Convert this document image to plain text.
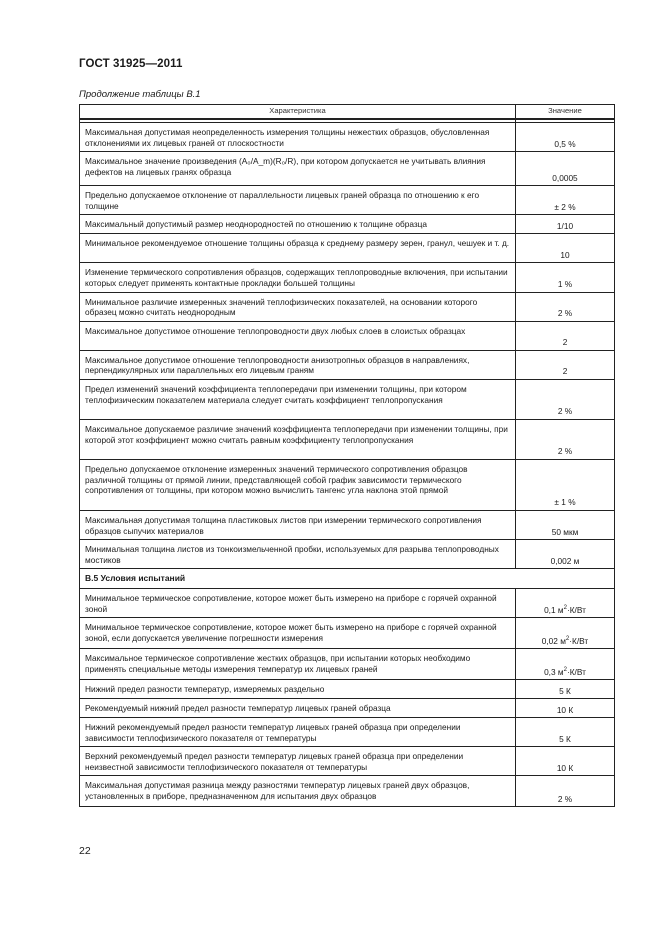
ГОСТ 31925—2011
Продолжение таблицы В.1
Характеристика	Значение

Максимальная допустимая неопределенность измерения толщины нежестких образцов, обусловленная отклонениями их лицевых граней от плоскостности	0,5 %
Максимальное значение произведения (A₀/A_m)(R₀/R), при котором допускается не учитывать влияния дефектов на лицевых гранях образца	0,0005
Предельно допускаемое отклонение от параллельности лицевых граней образца по отношению к его толщине	± 2 %
Максимальный допустимый размер неоднородностей по отношению к толщине образца	1/10
Минимальное рекомендуемое отношение толщины образца к среднему размеру зерен, гранул, чешуек и т. д.	10
Изменение термического сопротивления образцов, содержащих теплопроводные включения, при испытании которых следует применять контактные прокладки большей толщины	1 %
Минимальное различие измеренных значений теплофизических показателей, на основании которого образец можно считать неоднородным	2 %
Максимальное допустимое отношение теплопроводности двух любых слоев в слоистых образцах	2
Максимальное допустимое отношение теплопроводности анизотропных образцов в направлениях, перпендикулярных или параллельных его лицевым граням	2
Предел изменений значений коэффициента теплопередачи при изменении толщины, при котором теплофизическим показателем материала следует считать коэффициент теплопропускания	2 %
Максимальное допускаемое различие значений коэффициента теплопередачи при изменении толщины, при которой этот коэффициент можно считать равным коэффициенту теплопропускания	2 %
Предельно допускаемое отклонение измеренных значений термического сопротивления образцов различной толщины от прямой линии, представляющей собой график зависимости термического сопротивления от толщины, при котором можно вычислить тангенс угла наклона этой прямой	± 1 %
Максимальная допустимая толщина пластиковых листов при измерении термического сопротивления образцов сыпучих материалов	50 мкм
Минимальная толщина листов из тонкоизмельченной пробки, используемых для разрыва теплопроводных мостиков	0,002 м
В.5 Условия испытаний	
Минимальное термическое сопротивление, которое может быть измерено на приборе с горячей охранной зоной	0,1 $м^2\cdot К/Вт$
Минимальное термическое сопротивление, которое может быть измерено на приборе с горячей охранной зоной, если допускается увеличение погрешности измерения	0,02 $м^2\cdot К/Вт$
Максимальное термическое сопротивление жестких образцов, при испытании которых необходимо применять специальные методы измерения температур их лицевых граней	0,3 $м^2\cdot К/Вт$
Нижний предел разности температур, измеряемых раздельно	5 К
Рекомендуемый нижний предел разности температур лицевых граней образца	10 К
Нижний рекомендуемый предел разности температур лицевых граней образца при определении зависимости теплофизического показателя от температуры	5 К
Верхний рекомендуемый предел разности температур лицевых граней образца при определении неизвестной зависимости теплофизического показателя от температуры	10 К
Максимальная допустимая разница между разностями температур лицевых граней двух образцов, установленных в приборе, предназначенном для испытания двух образцов	2 %
22
